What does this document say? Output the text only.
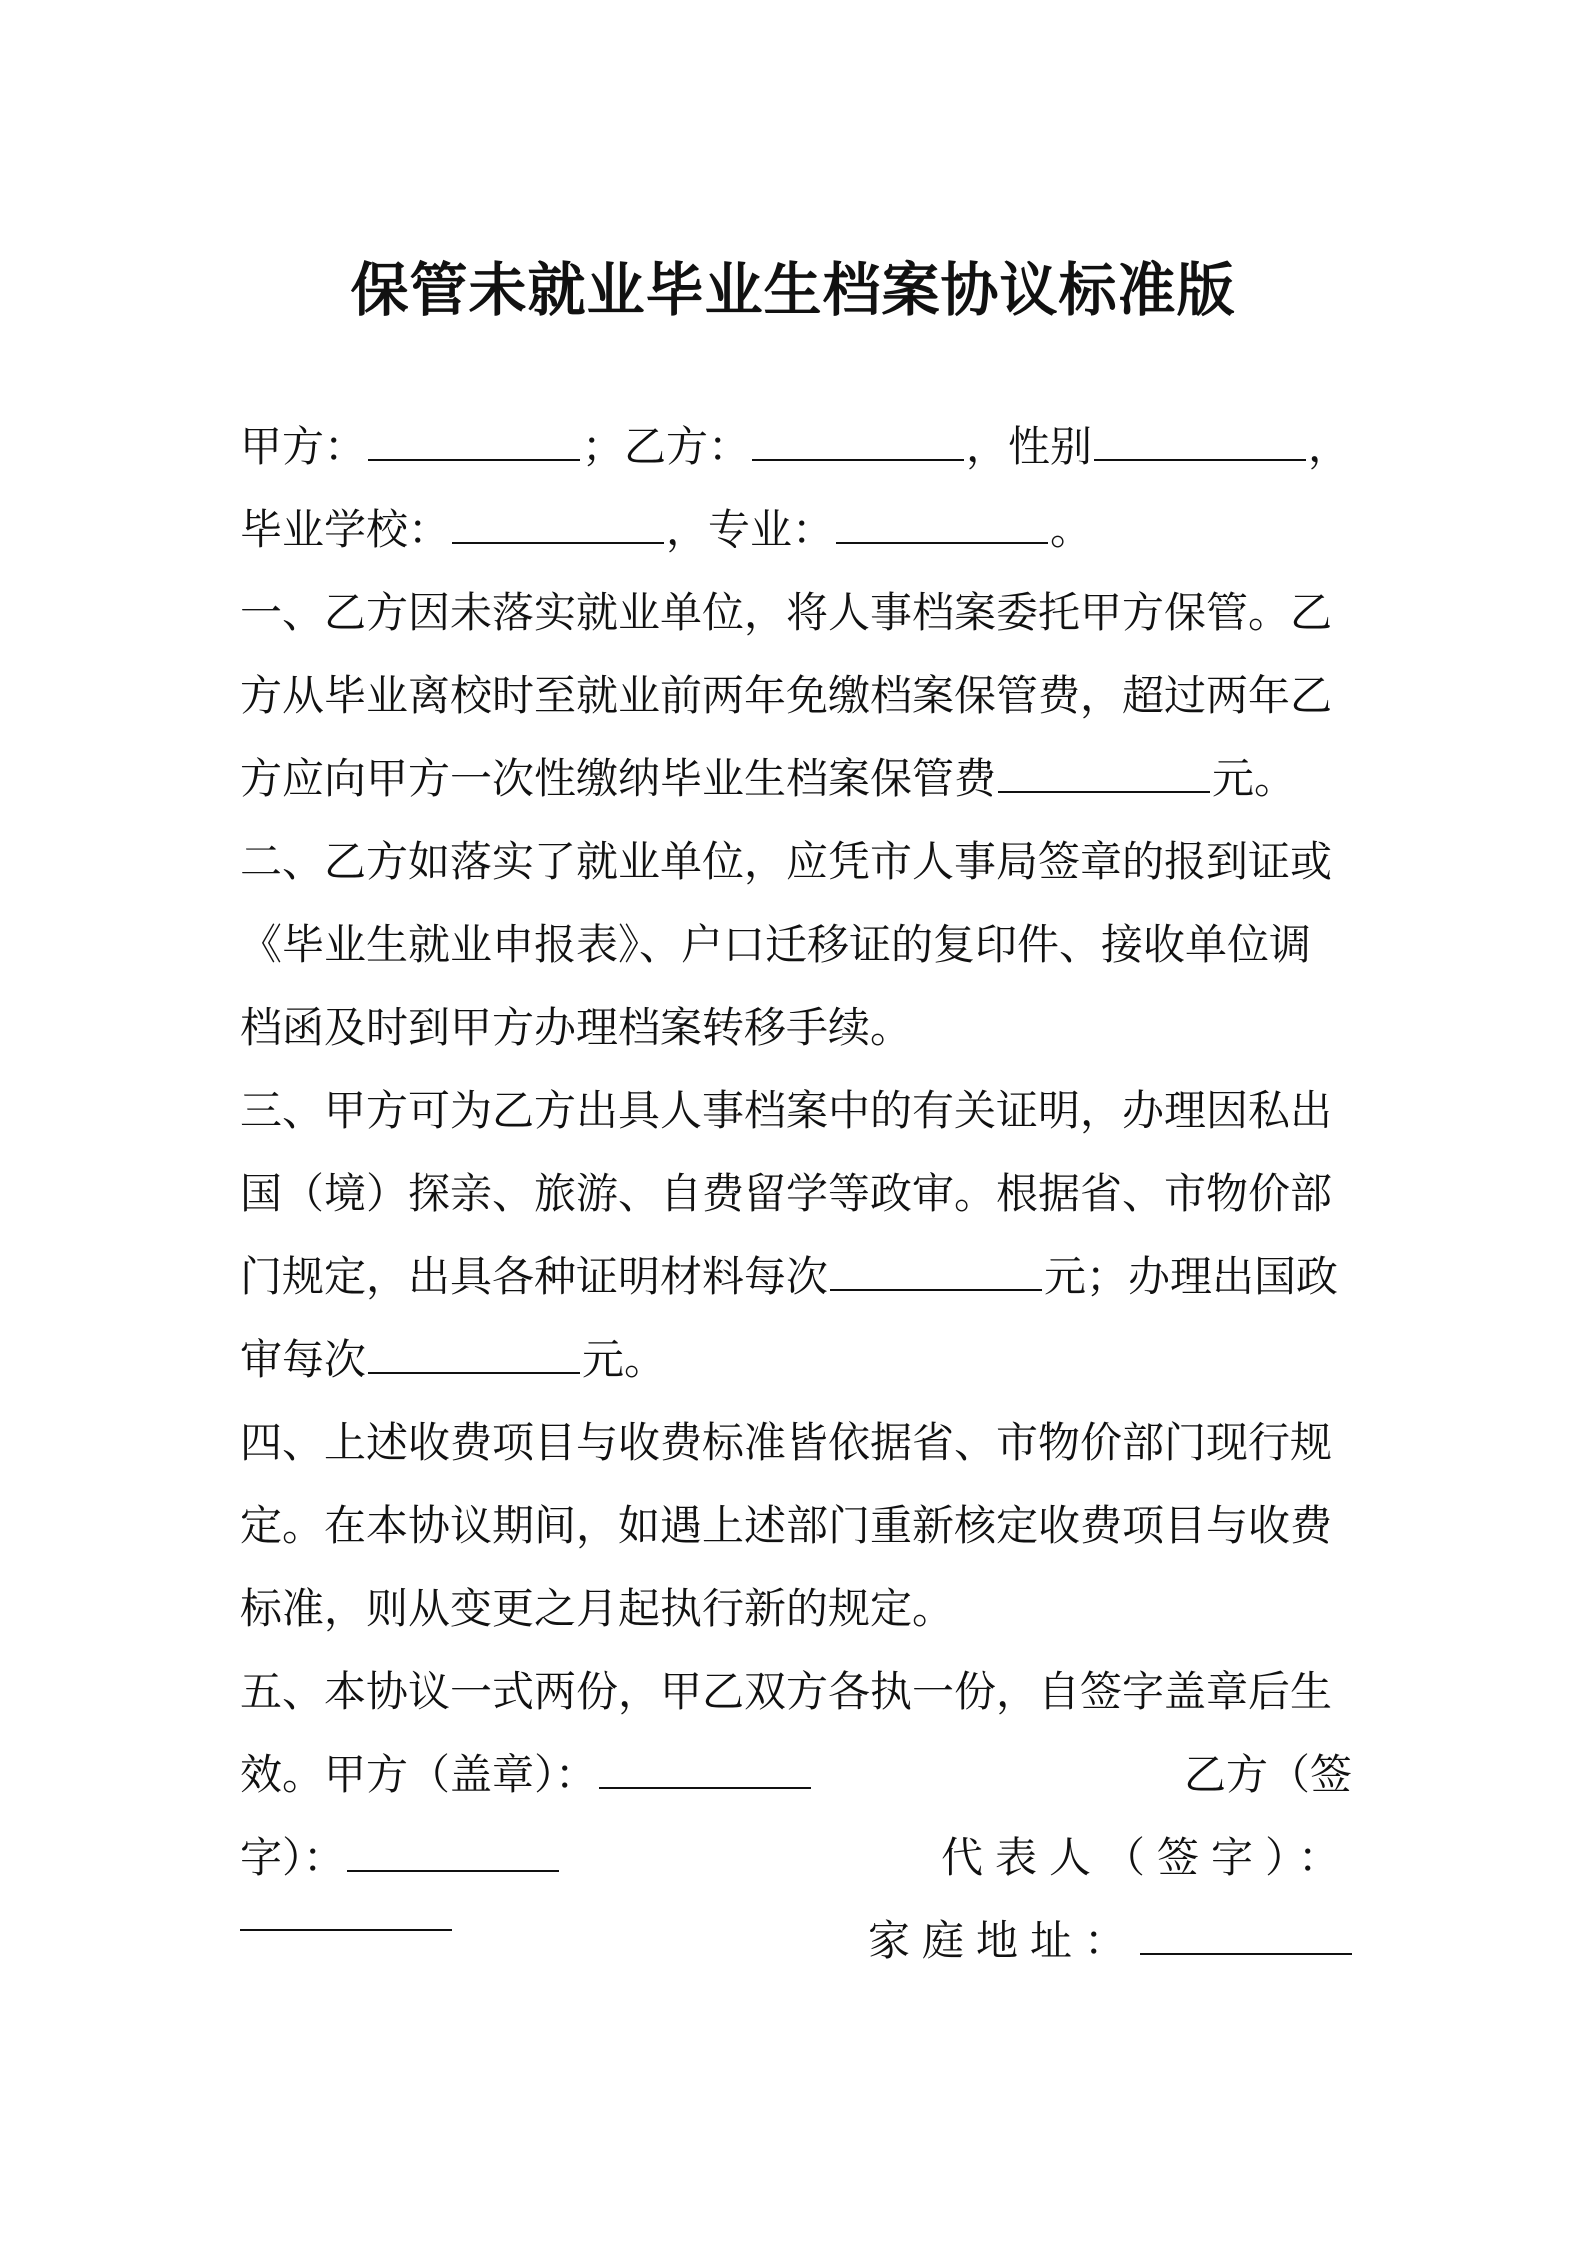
保管未就业毕业生档案协议标准版
甲方：	；乙方：	，性别	，
毕业学校：	，专业：	。
一、乙方因未落实就业单位，将人事档案委托甲方保管。乙
方从毕业离校时至就业前两年免缴档案保管费，超过两年乙
方应向甲方一次性缴纳毕业生档案保管费	元。
二、乙方如落实了就业单位，应凭市人事局签章的报到证或
《毕业生就业申报表》、户口迁移证的复印件、接收单位调
档函及时到甲方办理档案转移手续。
三、甲方可为乙方出具人事档案中的有关证明，办理因私出
国（境）探亲、旅游、自费留学等政审。根据省、市物价部
门规定，出具各种证明材料每次	元；办理出国政
审每次	元。
四、上述收费项目与收费标准皆依据省、市物价部门现行规
定。在本协议期间，如遇上述部门重新核定收费项目与收费
标准，则从变更之月起执行新的规定。
五、本协议一式两份，甲乙双方各执一份，自签字盖章后生
效。甲方（盖章）：	乙方（签
字）：	代表人（签字）：
家庭地址：
